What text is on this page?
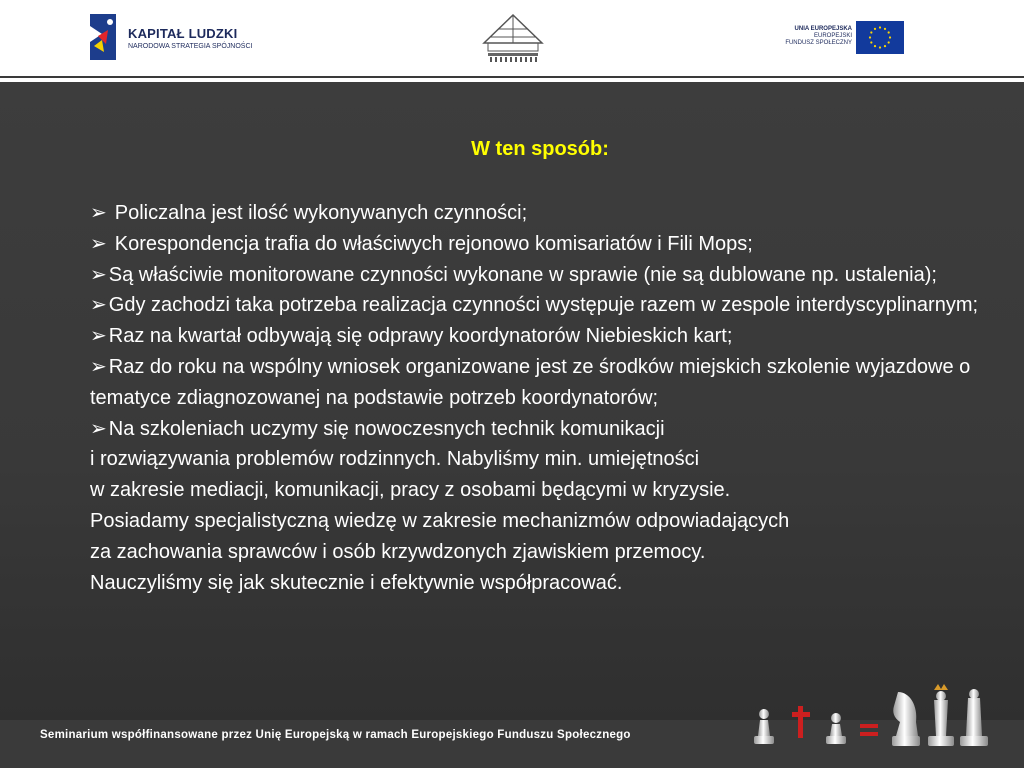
KAPITAŁ LUDZKI
NARODOWA STRATEGIA SPÓJNOŚCI
UNIA EUROPEJSKA
EUROPEJSKI
FUNDUSZ SPOŁECZNY
W ten sposób:
➢ Policzalna jest ilość wykonywanych czynności;
➢ Korespondencja trafia do właściwych rejonowo komisariatów i Fili Mops;
➢ Są właściwie monitorowane czynności wykonane w sprawie (nie są dublowane np. ustalenia);
➢ Gdy zachodzi taka potrzeba realizacja czynności występuje razem w zespole interdyscyplinarnym;
➢ Raz na kwartał odbywają się odprawy koordynatorów Niebieskich kart;
➢ Raz do roku na wspólny wniosek organizowane jest ze środków miejskich szkolenie wyjazdowe o tematyce zdiagnozowanej na podstawie potrzeb koordynatorów;
➢ Na szkoleniach uczymy się nowoczesnych technik komunikacji
i rozwiązywania problemów rodzinnych. Nabyliśmy min. umiejętności
w zakresie mediacji, komunikacji, pracy z osobami będącymi w kryzysie.
Posiadamy specjalistyczną wiedzę w zakresie mechanizmów odpowiadających
za zachowania sprawców i osób krzywdzonych zjawiskiem przemocy.
Nauczyliśmy się jak skutecznie i efektywnie współpracować.
Seminarium współfinansowane przez Unię Europejską w ramach Europejskiego Funduszu Społecznego
